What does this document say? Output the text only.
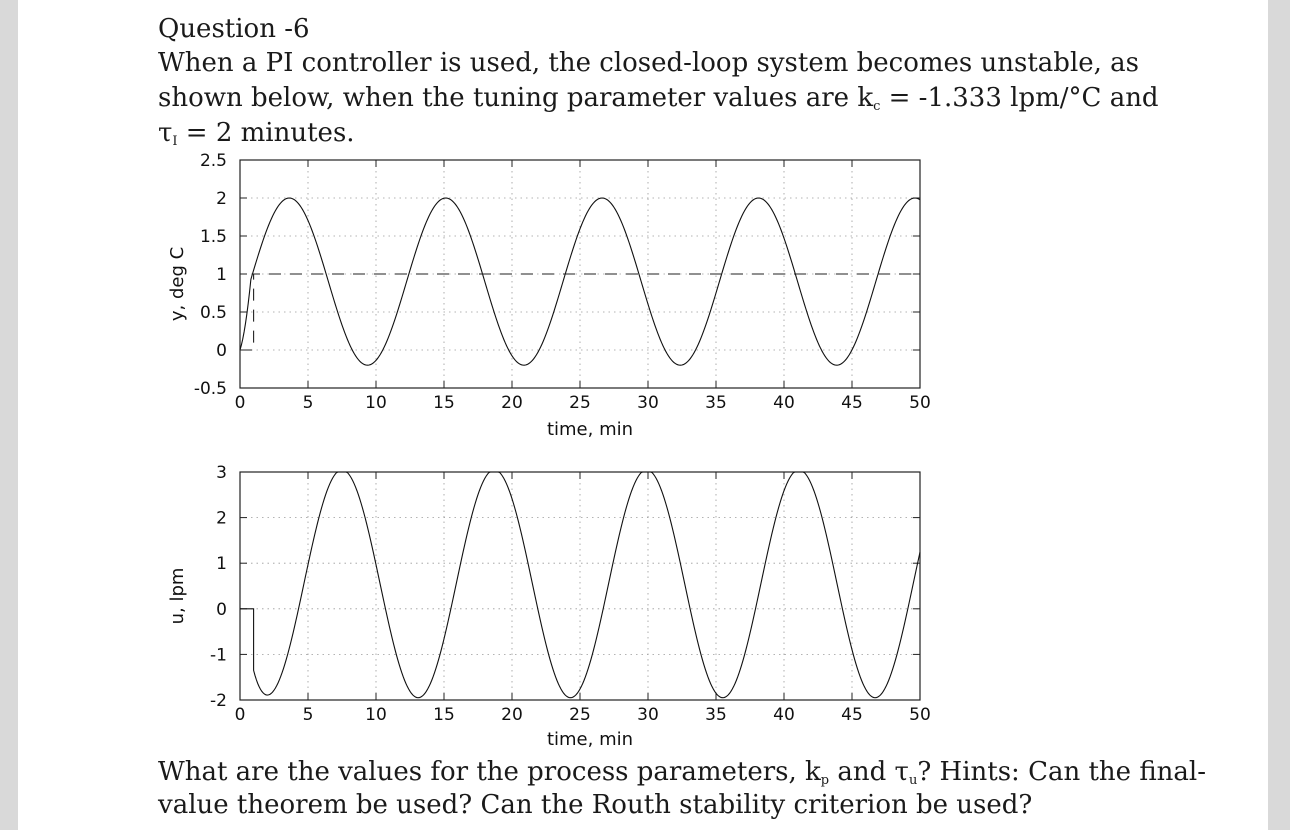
Question -6
When a PI controller is used, the closed-loop system becomes unstable, as
shown below, when the tuning parameter values are $k_c = -1.333$ lpm/°C and
$\tau_I = 2$ minutes.
What are the values for the process parameters, $k_p$ and $\tau_u$? Hints: Can the final-
value theorem be used? Can the Routh stability criterion be used?
0	5	10	15	20	25	30	35	40	45	50
-0.5
0
0.5
1
1.5
2
2.5
time, min
y, deg C
0	5	10	15	20	25	30	35	40	45	50
-2
-1
0
1
2
3
time, min
u, lpm
